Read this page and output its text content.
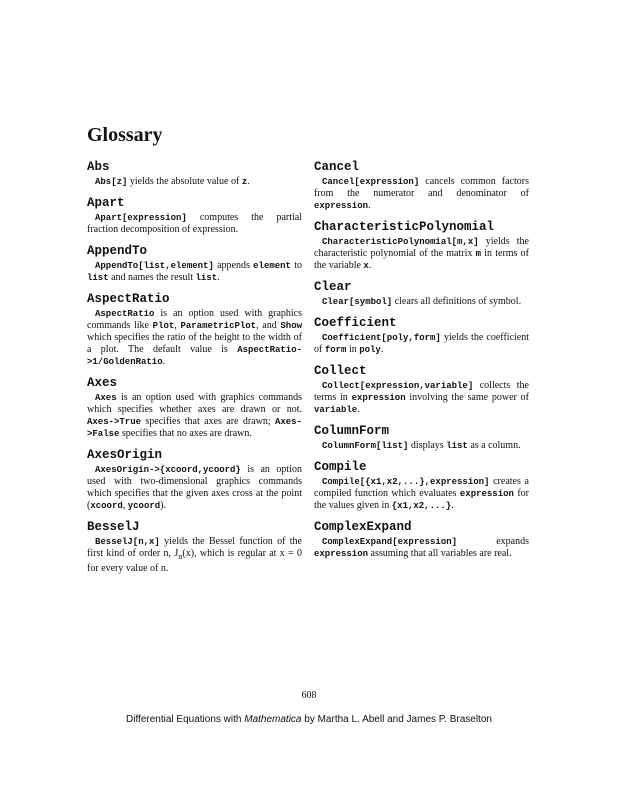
Glossary
Abs

Abs[z] yields the absolute value of z.

Apart

Apart[expression] computes the partial fraction decomposition of expression.

AppendTo

AppendTo[list,element] appends element to list and names the result list.

AspectRatio

AspectRatio is an option used with graphics commands like Plot, ParametricPlot, and Show which specifies the ratio of the height to the width of a plot. The default value is AspectRatio->1/GoldenRatio.

Axes

Axes is an option used with graphics commands which specifies whether axes are drawn or not. Axes->True specifies that axes are drawn; Axes->False specifies that no axes are drawn.

AxesOrigin

AxesOrigin->{xcoord,ycoord} is an option used with two-dimensional graphics commands which specifies that the given axes cross at the point (xcoord, ycoord).

BesselJ

BesselJ[n,x] yields the Bessel function of the first kind of order n, $J_n(x)$, which is regular at x = 0 for every value of n.

Cancel

Cancel[expression] cancels common factors from the numerator and denominator of expression.

CharacteristicPolynomial

CharacteristicPolynomial[m,x] yields the characteristic polynomial of the matrix m in terms of the variable x.

Clear

Clear[symbol] clears all definitions of symbol.

Coefficient

Coefficient[poly,form] yields the coefficient of form in poly.

Collect

Collect[expression,variable] collects the terms in expression involving the same power of variable.

ColumnForm

ColumnForm[list] displays list as a column.

Compile

Compile[{x1,x2,...},expression] creates a compiled function which evaluates expression for the values given in {x1,x2,...}.

ComplexExpand

ComplexExpand[expression] expands expression assuming that all variables are real.

608
Differential Equations with Mathematica by Martha L. Abell and James P. Braselton
